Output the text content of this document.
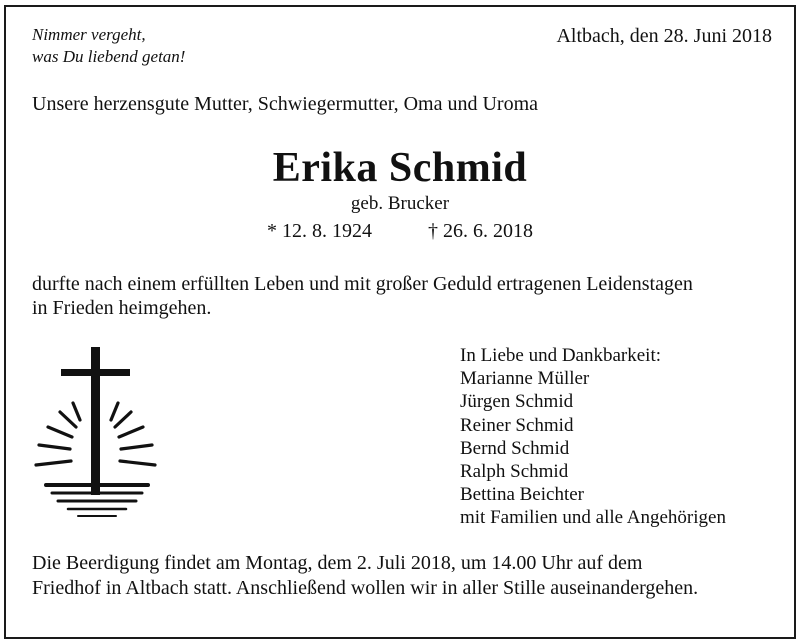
Nimmer vergeht,
was Du liebend getan!
Altbach, den 28. Juni 2018
Unsere herzensgute Mutter, Schwiegermutter, Oma und Uroma
Erika Schmid
geb. Brucker
* 12. 8. 1924	† 26. 6. 2018
durfte nach einem erfüllten Leben und mit großer Geduld ertragenen Leidenstagen
in Frieden heimgehen.
In Liebe und Dankbarkeit:
Marianne Müller
Jürgen Schmid
Reiner Schmid
Bernd Schmid
Ralph Schmid
Bettina Beichter
mit Familien und alle Angehörigen
Die Beerdigung findet am Montag, dem 2. Juli 2018, um 14.00 Uhr auf dem
Friedhof in Altbach statt. Anschließend wollen wir in aller Stille auseinandergehen.
